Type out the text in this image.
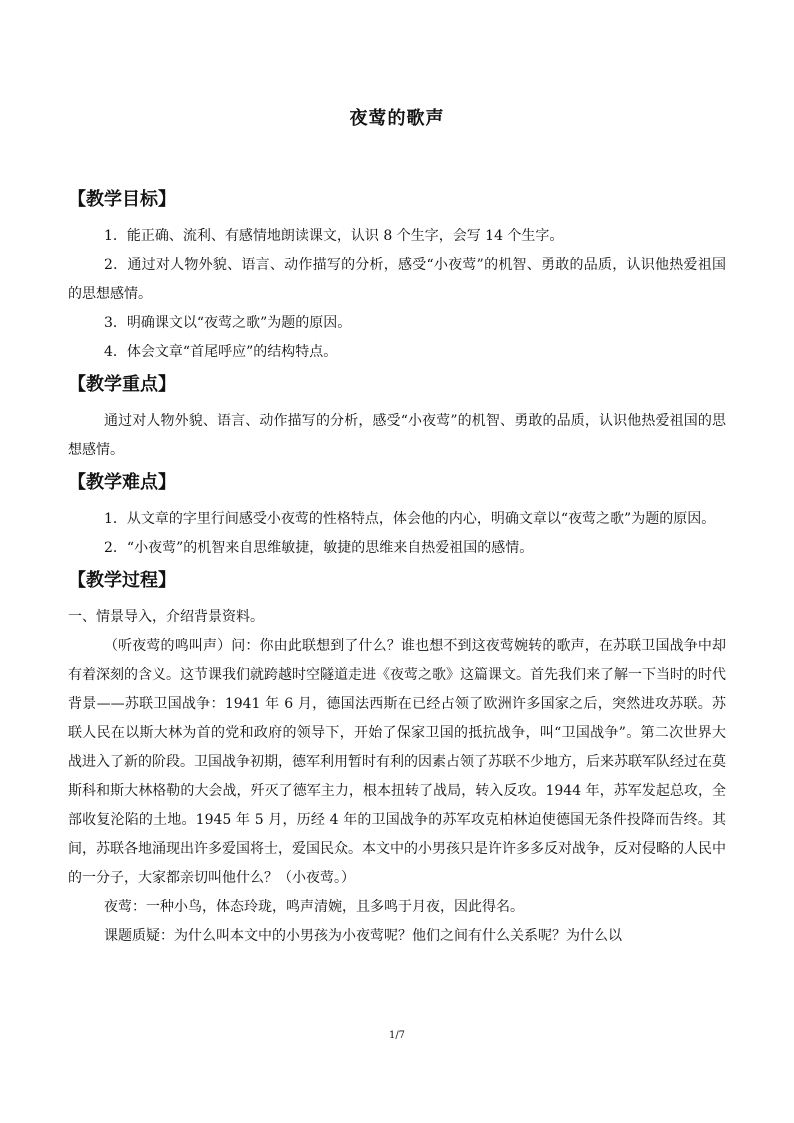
夜莺的歌声
【教学目标】

1．能正确、流利、有感情地朗读课文，认识 8 个生字，会写 14 个生字。

2．通过对人物外貌、语言、动作描写的分析，感受“小夜莺”的机智、勇敢的品质，认识他热爱祖国的思想感情。

3．明确课文以“夜莺之歌”为题的原因。

4．体会文章“首尾呼应”的结构特点。

【教学重点】

通过对人物外貌、语言、动作描写的分析，感受“小夜莺”的机智、勇敢的品质，认识他热爱祖国的思想感情。

【教学难点】

1．从文章的字里行间感受小夜莺的性格特点，体会他的内心，明确文章以“夜莺之歌”为题的原因。

2．“小夜莺”的机智来自思维敏捷，敏捷的思维来自热爱祖国的感情。

【教学过程】

一、情景导入，介绍背景资料。

（听夜莺的鸣叫声）问：你由此联想到了什么？谁也想不到这夜莺婉转的歌声，在苏联卫国战争中却有着深刻的含义。这节课我们就跨越时空隧道走进《夜莺之歌》这篇课文。首先我们来了解一下当时的时代背景——苏联卫国战争：1941 年 6 月，德国法西斯在已经占领了欧洲许多国家之后，突然进攻苏联。苏联人民在以斯大林为首的党和政府的领导下，开始了保家卫国的抵抗战争，叫“卫国战争”。第二次世界大战进入了新的阶段。卫国战争初期，德军利用暂时有利的因素占领了苏联不少地方，后来苏联军队经过在莫斯科和斯大林格勒的大会战，歼灭了德军主力，根本扭转了战局，转入反攻。1944 年，苏军发起总攻，全部收复沦陷的土地。1945 年 5 月，历经 4 年的卫国战争的苏军攻克柏林迫使德国无条件投降而告终。其间，苏联各地涌现出许多爱国将士，爱国民众。本文中的小男孩只是许许多多反对战争，反对侵略的人民中的一分子，大家都亲切叫他什么？（小夜莺。）

夜莺：一种小鸟，体态玲珑，鸣声清婉，且多鸣于月夜，因此得名。

课题质疑：为什么叫本文中的小男孩为小夜莺呢？他们之间有什么关系呢？为什么以

1/7
